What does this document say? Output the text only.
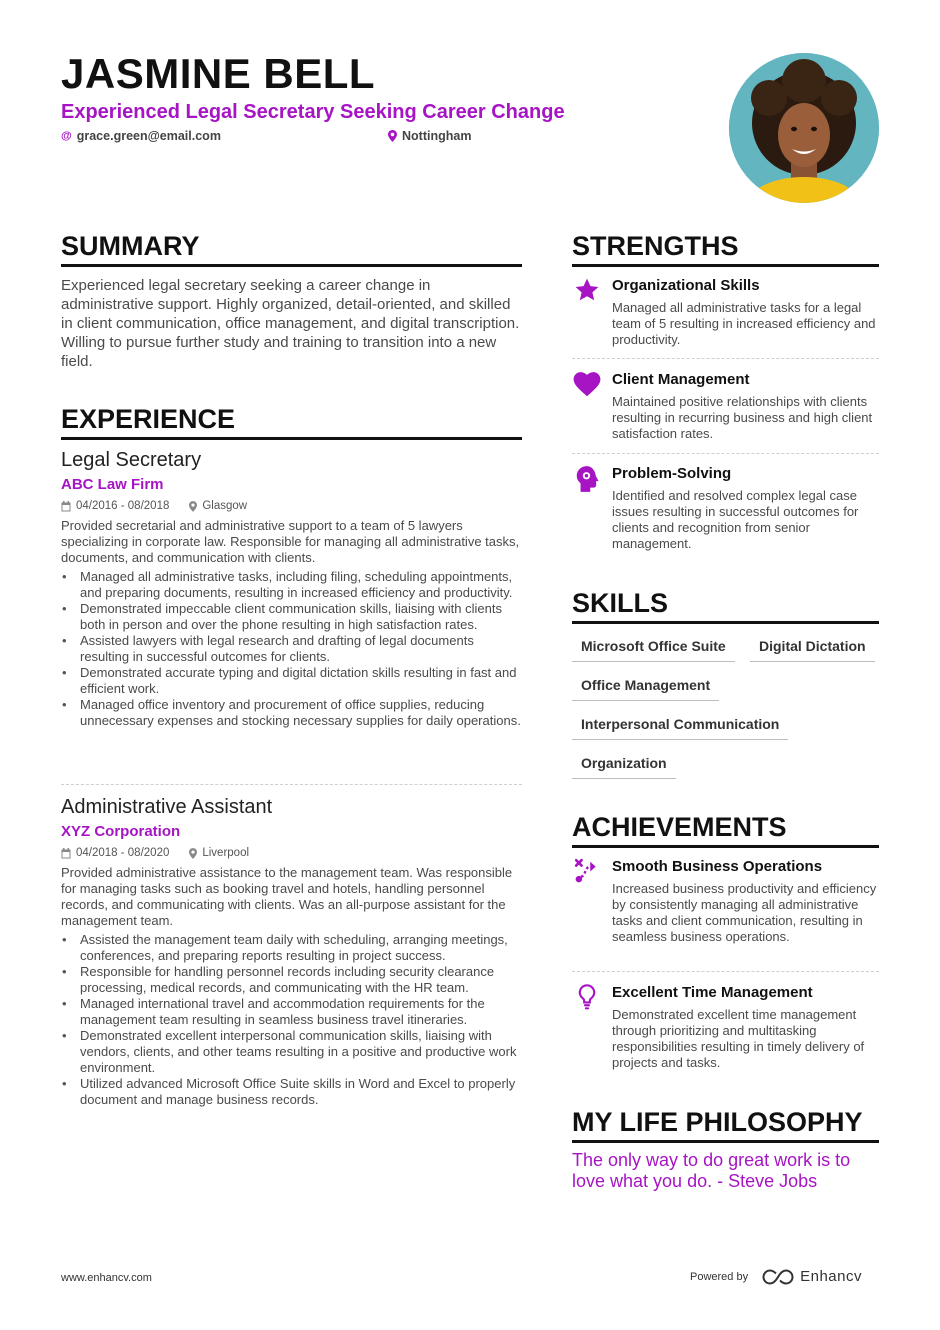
JASMINE BELL
Experienced Legal Secretary Seeking Career Change
@ grace.green@email.com	Nottingham
SUMMARY
Experienced legal secretary seeking a career change in administrative support. Highly organized, detail-oriented, and skilled in client communication, office management, and digital transcription. Willing to pursue further study and training to transition into a new field.
EXPERIENCE
Legal Secretary
ABC Law Firm
04/2016 - 08/2018	Glasgow
Provided secretarial and administrative support to a team of 5 lawyers specializing in corporate law. Responsible for managing all administrative tasks, documents, and communication with clients.
• Managed all administrative tasks, including filing, scheduling appointments, and preparing documents, resulting in increased efficiency and productivity.
• Demonstrated impeccable client communication skills, liaising with clients both in person and over the phone resulting in high satisfaction rates.
• Assisted lawyers with legal research and drafting of legal documents resulting in successful outcomes for clients.
• Demonstrated accurate typing and digital dictation skills resulting in fast and efficient work.
• Managed office inventory and procurement of office supplies, reducing unnecessary expenses and stocking necessary supplies for daily operations.
Administrative Assistant
XYZ Corporation
04/2018 - 08/2020	Liverpool
Provided administrative assistance to the management team. Was responsible for managing tasks such as booking travel and hotels, handling personnel records, and communicating with clients. Was an all-purpose assistant for the management team.
• Assisted the management team daily with scheduling, arranging meetings, conferences, and preparing reports resulting in project success.
• Responsible for handling personnel records including security clearance processing, medical records, and communicating with the HR team.
• Managed international travel and accommodation requirements for the management team resulting in seamless business travel itineraries.
• Demonstrated excellent interpersonal communication skills, liaising with vendors, clients, and other teams resulting in a positive and productive work environment.
• Utilized advanced Microsoft Office Suite skills in Word and Excel to properly document and manage business records.
STRENGTHS
Organizational Skills
Managed all administrative tasks for a legal team of 5 resulting in increased efficiency and productivity.
Client Management
Maintained positive relationships with clients resulting in recurring business and high client satisfaction rates.
Problem-Solving
Identified and resolved complex legal case issues resulting in successful outcomes for clients and recognition from senior management.
SKILLS
Microsoft Office Suite	Digital Dictation
Office Management
Interpersonal Communication
Organization
ACHIEVEMENTS
Smooth Business Operations
Increased business productivity and efficiency by consistently managing all administrative tasks and client communication, resulting in seamless business operations.
Excellent Time Management
Demonstrated excellent time management through prioritizing and multitasking responsibilities resulting in timely delivery of projects and tasks.
MY LIFE PHILOSOPHY
The only way to do great work is to love what you do. - Steve Jobs
www.enhancv.com	Powered by	Enhancv
